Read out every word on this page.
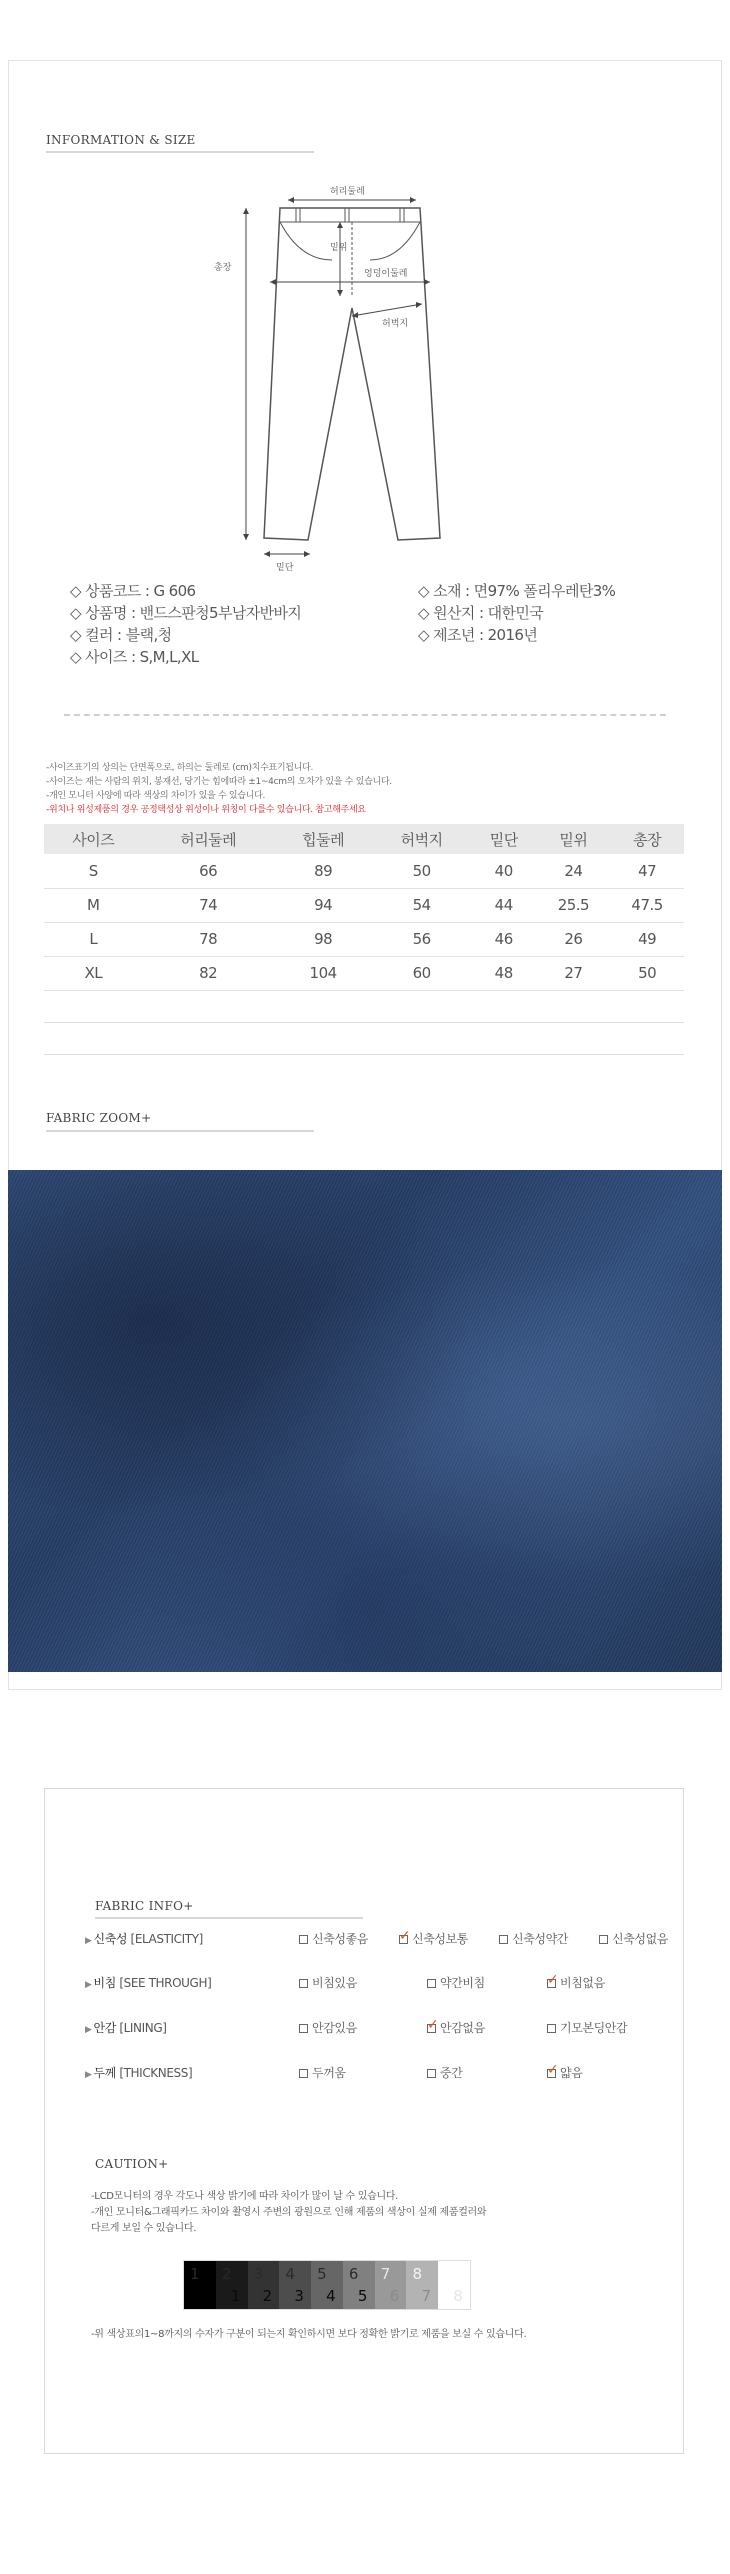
INFORMATION & SIZE
허리둘레
밑위
엉덩이둘레
허벅지
총장
밑단
◇ 상품코드 : G 606
◇ 상품명 : 밴드스판청5부남자반바지
◇ 컬러 : 블랙,청
◇ 사이즈 : S,M,L,XL
◇ 소재 : 면97% 폴리우레탄3%
◇ 원산지 : 대한민국
◇ 제조년 : 2016년
-사이즈표기의 상의는 단면폭으로, 하의는 둘레로 (cm)치수표기됩니다.
-사이즈는 재는 사람의 위치, 봉재선, 당기는 힘에따라 ±1~4cm의 오차가 있을 수 있습니다.
-개인 모니터 사양에 따라 색상의 차이가 있을 수 있습니다.
-위치나 위성제품의 경우 공정택성상 위성이나 위칭이 다를수 있습니다. 참고해주세요
사이즈	허리둘레	힙둘레	허벅지	밑단	밑위	총장
S	66	89	50	40	24	47
M	74	94	54	44	25.5	47.5
L	78	98	56	46	26	49
XL	82	104	60	48	27	50
FABRIC ZOOM+
FABRIC INFO+
▶ 신축성 [ELASTICITY]	신축성좋음 ✓ 신축성보통	신축성약간	신축성없음
▶ 비침 [SEE THROUGH]	비침있음	약간비침	✓ 비침없음
▶ 안감 [LINING]	안감있음	✓ 안감없음	기모본딩안감
▶ 두께 [THICKNESS]	두꺼움	중간	✓ 얇음
CAUTION+
-LCD모니터의 경우 각도나 색상 밝기에 따라 차이가 많이 날 수 있습니다.
-개인 모니터&그래픽카드 차이와 촬영시 주변의 광원으로 인해 제품의 색상이 실제 제품컬러와
다르게 보일 수 있습니다.
1 2
1
3
2
4
3
5
4
6
5
7
6
8
7 8
-위 색상표의1~8까지의 수자가 구분이 되는지 확인하시면 보다 정확한 밝기로 제품을 보실 수 있습니다.
